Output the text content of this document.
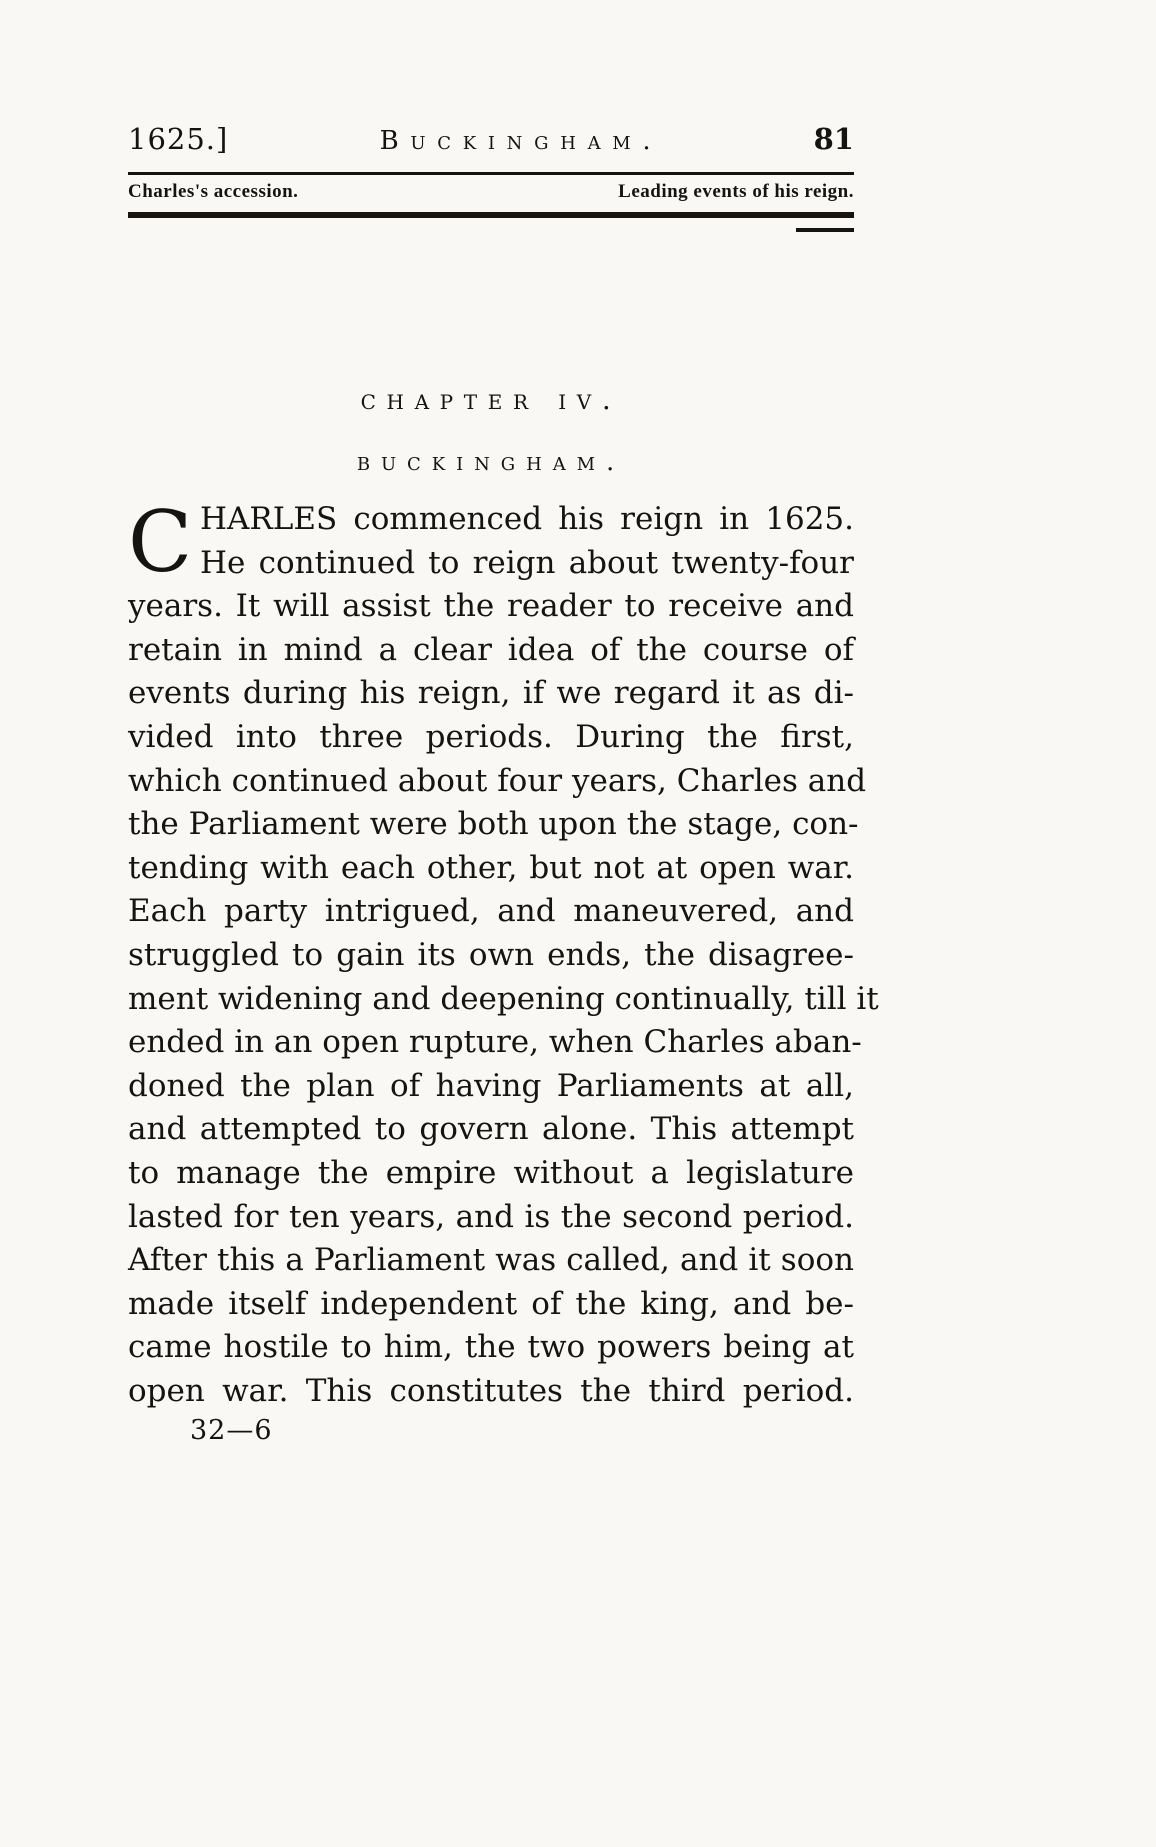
1625.]	buckingham.	81
Charles's accession.	Leading events of his reign.
chapter iv.
buckingham.
C HARLES commenced his reign in 1625.
He continued to reign about twenty-four
years. It will assist the reader to receive and
retain in mind a clear idea of the course of
events during his reign, if we regard it as di-
vided into three periods. During the first,
which continued about four years, Charles and
the Parliament were both upon the stage, con-
tending with each other, but not at open war.
Each party intrigued, and maneuvered, and
struggled to gain its own ends, the disagree-
ment widening and deepening continually, till it
ended in an open rupture, when Charles aban-
doned the plan of having Parliaments at all,
and attempted to govern alone. This attempt
to manage the empire without a legislature
lasted for ten years, and is the second period.
After this a Parliament was called, and it soon
made itself independent of the king, and be-
came hostile to him, the two powers being at
open war. This constitutes the third period.
32—6
